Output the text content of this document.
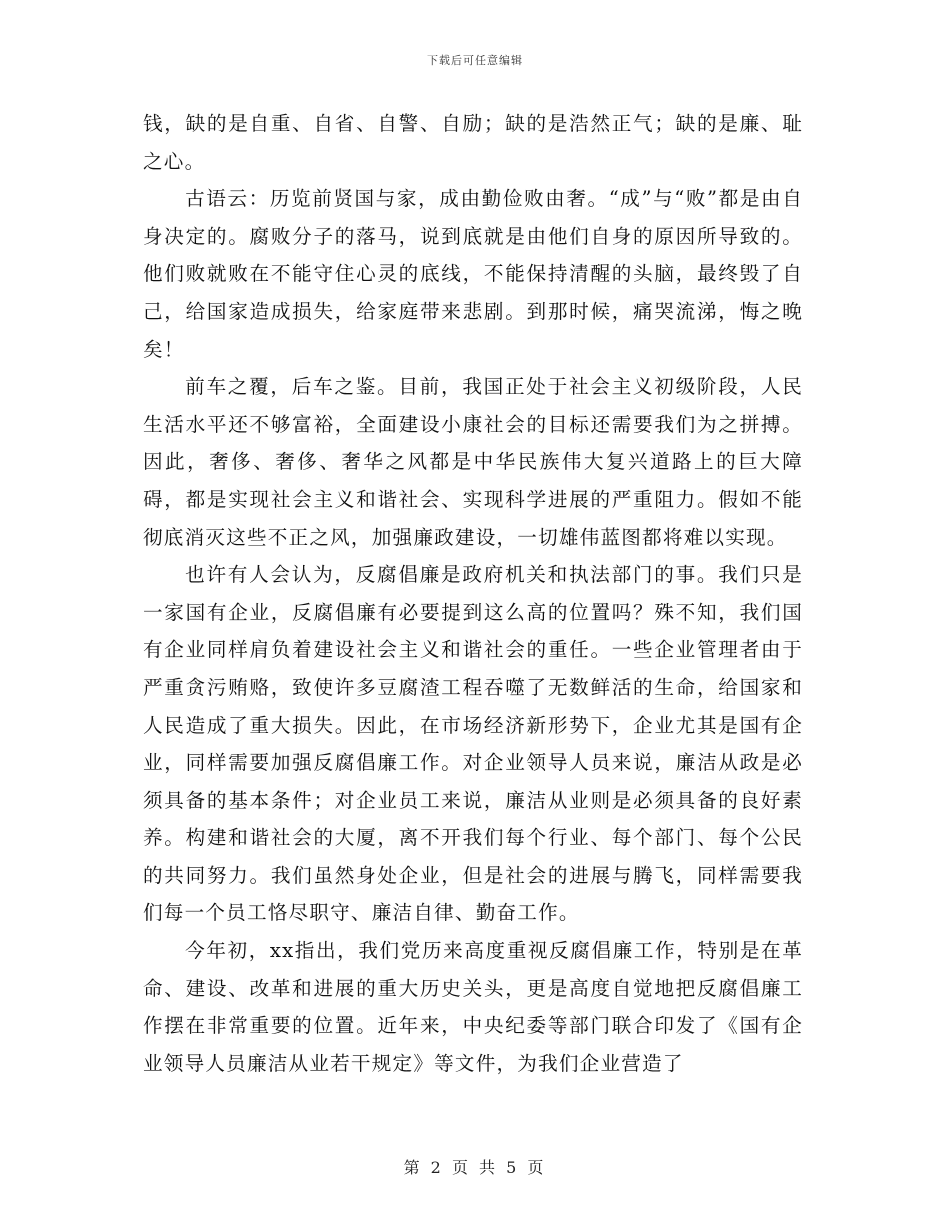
下载后可任意编辑

钱，缺的是自重、自省、自警、自励；缺的是浩然正气；缺的是廉、耻之心。

古语云：历览前贤国与家，成由勤俭败由奢。“成”与“败”都是由自身决定的。腐败分子的落马，说到底就是由他们自身的原因所导致的。他们败就败在不能守住心灵的底线，不能保持清醒的头脑，最终毁了自己，给国家造成损失，给家庭带来悲剧。到那时候，痛哭流涕，悔之晚矣！

前车之覆，后车之鉴。目前，我国正处于社会主义初级阶段，人民生活水平还不够富裕，全面建设小康社会的目标还需要我们为之拼搏。因此，奢侈、奢侈、奢华之风都是中华民族伟大复兴道路上的巨大障碍，都是实现社会主义和谐社会、实现科学进展的严重阻力。假如不能彻底消灭这些不正之风，加强廉政建设，一切雄伟蓝图都将难以实现。

也许有人会认为，反腐倡廉是政府机关和执法部门的事。我们只是一家国有企业，反腐倡廉有必要提到这么高的位置吗？殊不知，我们国有企业同样肩负着建设社会主义和谐社会的重任。一些企业管理者由于严重贪污贿赂，致使许多豆腐渣工程吞噬了无数鲜活的生命，给国家和人民造成了重大损失。因此，在市场经济新形势下，企业尤其是国有企业，同样需要加强反腐倡廉工作。对企业领导人员来说，廉洁从政是必须具备的基本条件；对企业员工来说，廉洁从业则是必须具备的良好素养。构建和谐社会的大厦，离不开我们每个行业、每个部门、每个公民的共同努力。我们虽然身处企业，但是社会的进展与腾飞，同样需要我们每一个员工恪尽职守、廉洁自律、勤奋工作。

今年初，xx指出，我们党历来高度重视反腐倡廉工作，特别是在革命、建设、改革和进展的重大历史关头，更是高度自觉地把反腐倡廉工作摆在非常重要的位置。近年来，中央纪委等部门联合印发了《国有企业领导人员廉洁从业若干规定》等文件，为我们企业营造了

第 2 页 共 5 页
